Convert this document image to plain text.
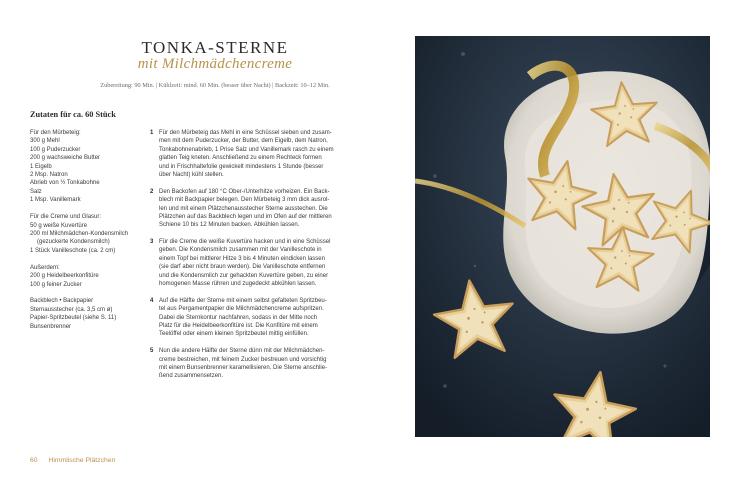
TONKA-STERNE
mit Milchmädchencreme
Zubereitung: 90 Min. | Kühlzeit: mind. 60 Min. (besser über Nacht) | Backzeit: 10–12 Min.
Zutaten für ca. 60 Stück
Für den Mürbeteig:
300 g Mehl
100 g Puderzucker
200 g wachsweiche Butter
1 Eigelb
2 Msp. Natron
Abrieb von ½ Tonkabohne
Salz
1 Msp. Vanillemark
Für die Creme und Glasur:
50 g weiße Kuvertüre
200 ml Milchmädchen-Kondensmilch
(gezuckerte Kondensmilch)
1 Stück Vanilleschote (ca. 2 cm)
Außerdem:
200 g Heidelbeerkonfitüre
100 g feiner Zucker
Backblech • Backpapier
Sternausstecher (ca. 3,5 cm ø)
Papier-Spritzbeutel (siehe S. 11)
Bunsenbrenner
1 Für den Mürbeteig das Mehl in eine Schüssel sieben und zusam-
men mit dem Puderzucker, der Butter, dem Eigelb, dem Natron,
Tonkabohnenabrieb, 1 Prise Salz und Vanillemark rasch zu einem
glatten Teig kneten. Anschließend zu einem Rechteck formen
und in Frischhaltefolie gewickelt mindestens 1 Stunde (besser
über Nacht) kühl stellen.
2 Den Backofen auf 180 °C Ober-/Unterhitze vorheizen. Ein Back-
blech mit Backpapier belegen. Den Mürbeteig 3 mm dick ausrol-
len und mit einem Plätzchenausstecher Sterne ausstechen. Die
Plätzchen auf das Backblech legen und im Ofen auf der mittleren
Schiene 10 bis 12 Minuten backen. Abkühlen lassen.
3 Für die Creme die weiße Kuvertüre hacken und in eine Schüssel
geben. Die Kondensmilch zusammen mit der Vanilleschote in
einem Topf bei mittlerer Hitze 3 bis 4 Minuten eindicken lassen
(sie darf aber nicht braun werden). Die Vanilleschote entfernen
und die Kondensmilch zur gehackten Kuvertüre geben, zu einer
homogenen Masse rühren und zugedeckt abkühlen lassen.
4 Auf die Hälfte der Sterne mit einem selbst gefalteten Spritzbeu-
tel aus Pergamentpapier die Milchmädchencreme aufspritzen.
Dabei die Sternkontur nachfahren, sodass in der Mitte noch
Platz für die Heidelbeerkonfitüre ist. Die Konfitüre mit einem
Teelöffel oder einem kleinen Spritzbeutel mittig einfüllen.
5 Nun die andere Hälfte der Sterne dünn mit der Milchmädchen-
creme bestreichen, mit feinem Zucker bestreuen und vorsichtig
mit einem Bunsenbrenner karamellisieren. Die Sterne anschlie-
ßend zusammensetzen.
60 Himmlische Plätzchen
